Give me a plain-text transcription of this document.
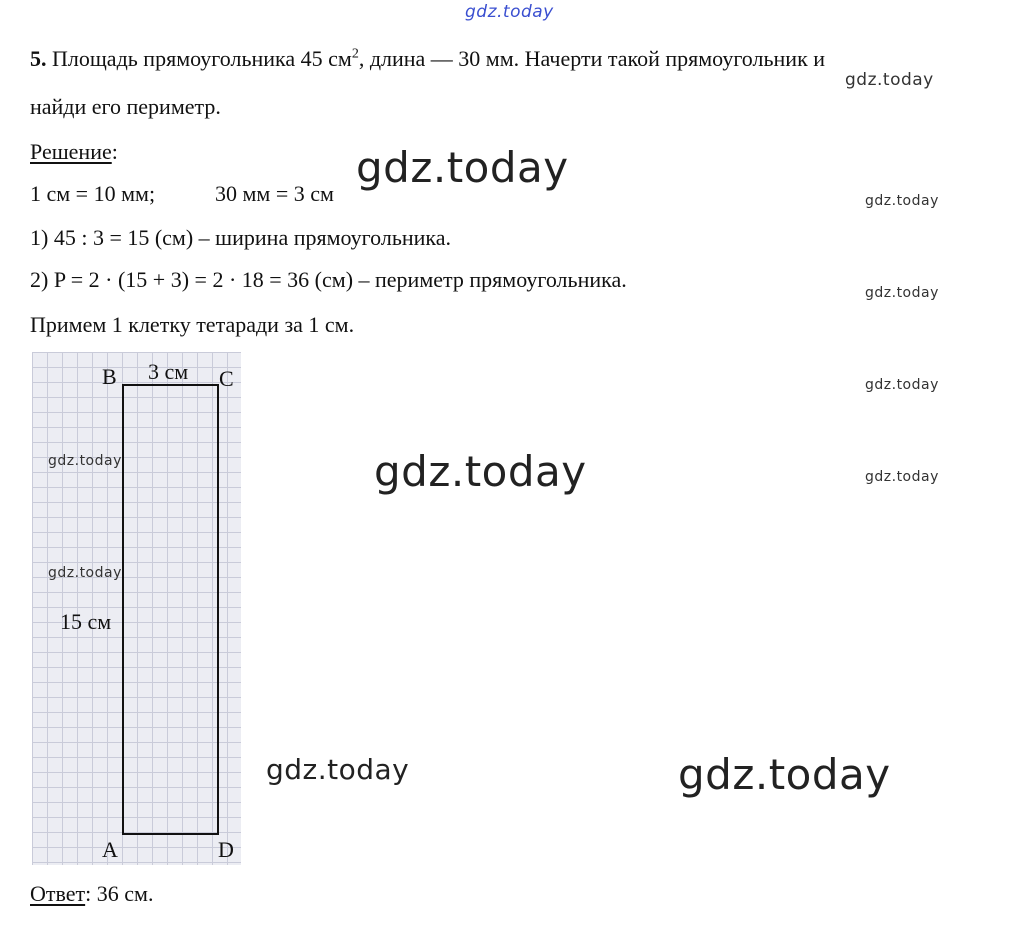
gdz.today
5. Площадь прямоугольника 45 $см^2$, длина — 30 мм. Начерти такой прямоугольник и
gdz.today
найди его периметр.
Решение:
1 см = 10 мм;	30 мм = 3 см
gdz.today
gdz.today
1) 45 : 3 = 15 (см) – ширина прямоугольника.
2) P = 2 · (15 + 3) = 2 · 18 = 36 (см) – периметр прямоугольника.
gdz.today
Примем 1 клетку тетаради за 1 см.
gdz.today
gdz.today
gdz.today
B 3 см C
15 см
A	D
gdz.today
gdz.today
gdz.today	gdz.today
Ответ: 36 см.
